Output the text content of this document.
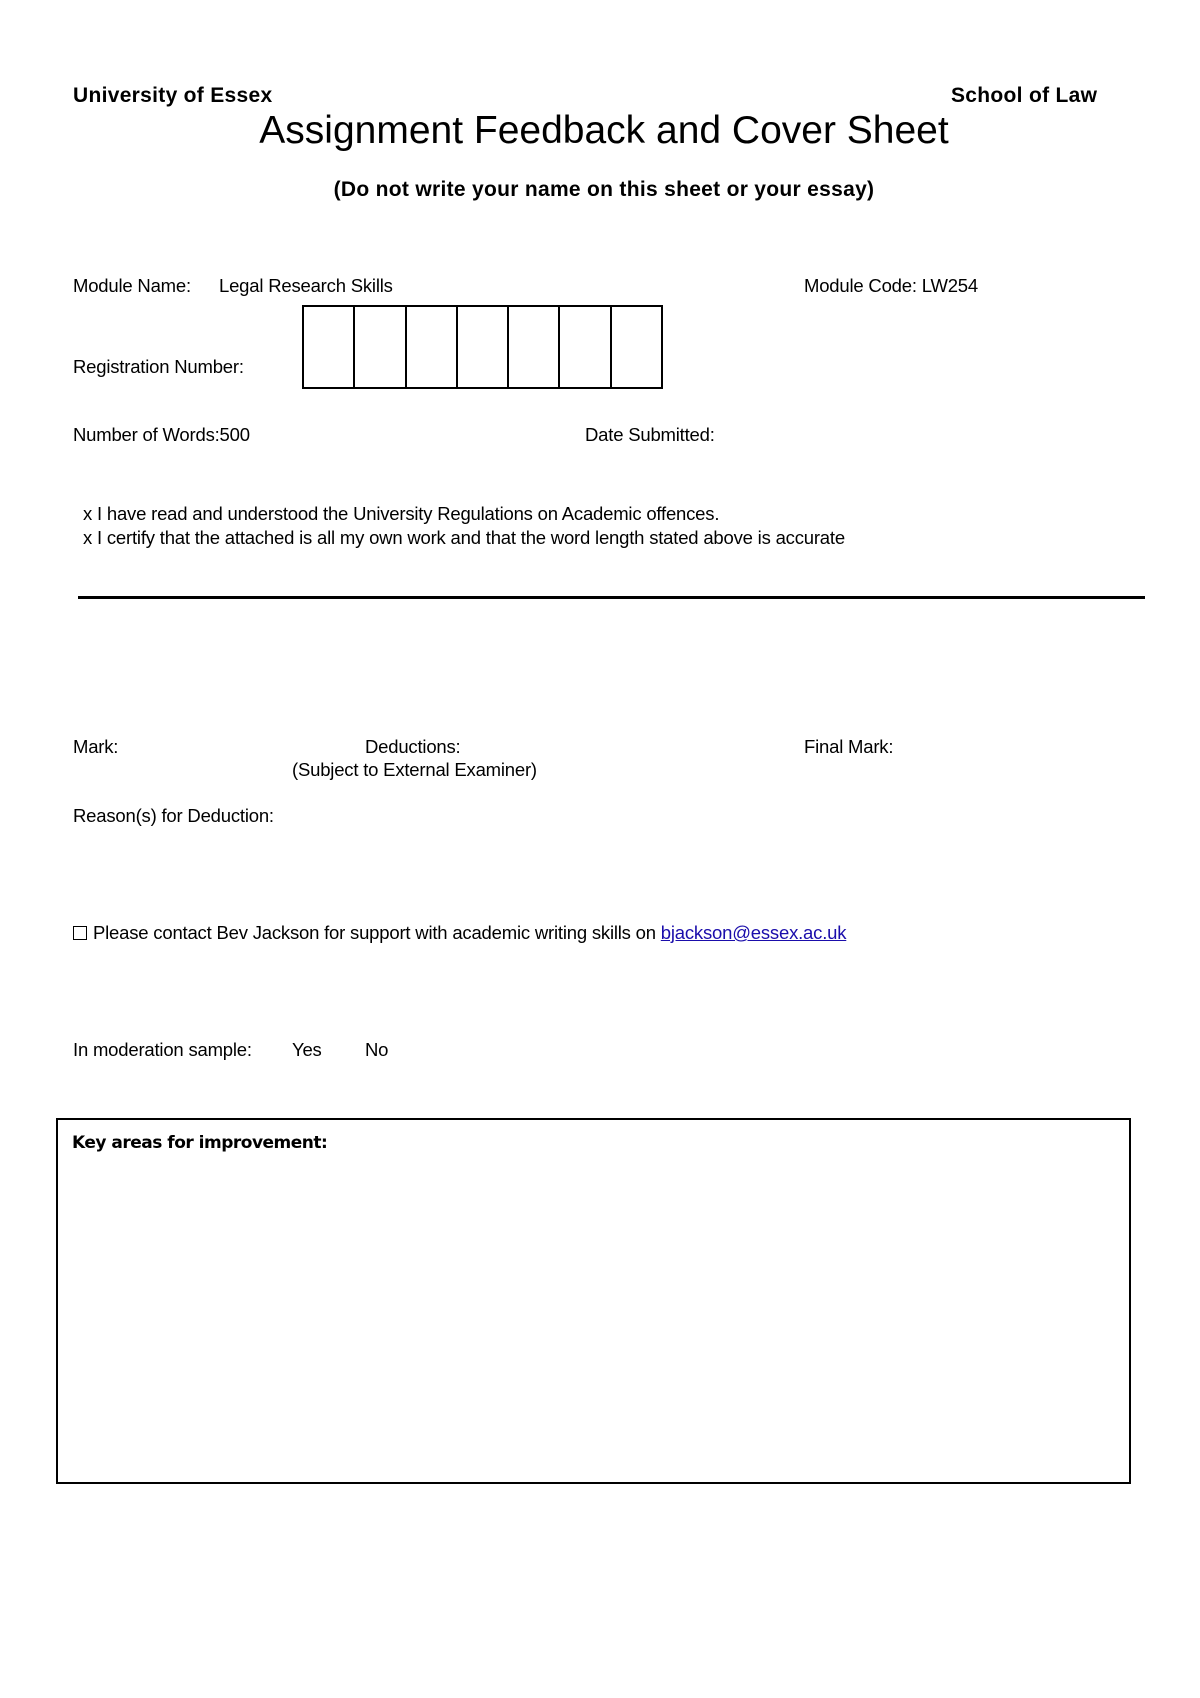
University of Essex	School of Law
Assignment Feedback and Cover Sheet
(Do not write your name on this sheet or your essay)
Module Name: Legal Research Skills	Module Code: LW254
Registration Number:
Number of Words:500	Date Submitted:
x I have read and understood the University Regulations on Academic offences.
x I certify that the attached is all my own work and that the word length stated above is accurate
Mark:	Deductions:
(Subject to External Examiner)
Final Mark:
Reason(s) for Deduction:
Please contact Bev Jackson for support with academic writing skills on bjackson@essex.ac.uk
In moderation sample: Yes No
Key areas for improvement:
